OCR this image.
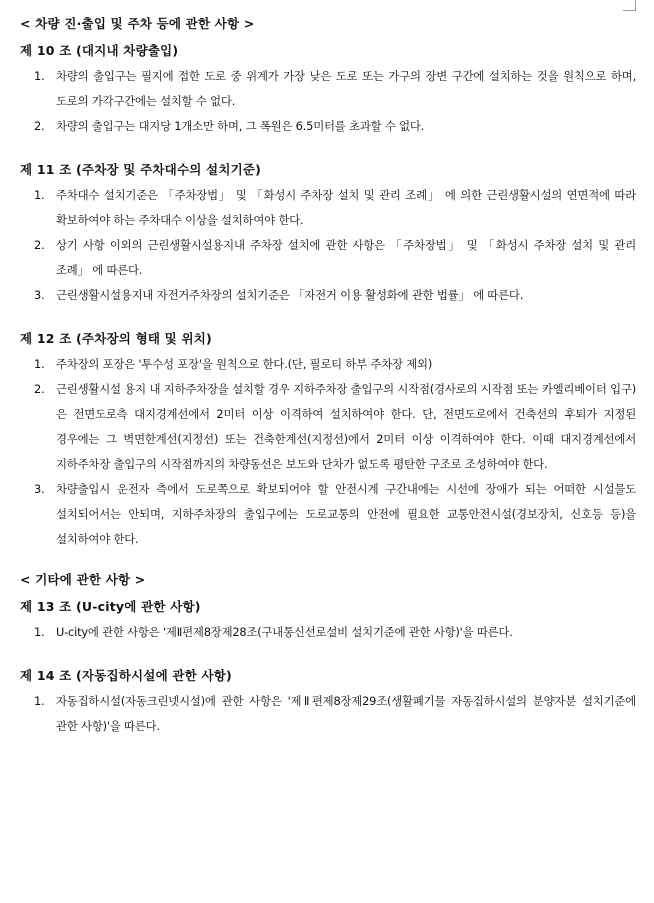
< 차량 진·출입 및 주차 등에 관한 사항 >
제 10 조 (대지내 차량출입)
1. 차량의 출입구는 필지에 접한 도로 중 위계가 가장 낮은 도로 또는 가구의 장변 구간에 설치하는 것을 원칙으로 하며, 도로의 가각구간에는 설치할 수 없다.
2. 차량의 출입구는 대지당 1개소만 하며, 그 폭원은 6.5미터를 초과할 수 없다.
제 11 조 (주차장 및 주차대수의 설치기준)
1. 주차대수 설치기준은 「주차장법」 및 「화성시 주차장 설치 및 관리 조례」 에 의한 근린생활시설의 연면적에 따라 확보하여야 하는 주차대수 이상을 설치하여야 한다.
2. 상기 사항 이외의 근린생활시설용지내 주차장 설치에 관한 사항은 「주차장법」 및 「화성시 주차장 설치 및 관리 조례」 에 따른다.
3. 근린생활시설용지내 자전거주차장의 설치기준은 「자전거 이용 활성화에 관한 법률」 에 따른다.
제 12 조 (주차장의 형태 및 위치)
1. 주차장의 포장은 '투수성 포장'을 원칙으로 한다.(단, 필로티 하부 주차장 제외)
2. 근린생활시설 용지 내 지하주차장을 설치할 경우 지하주차장 출입구의 시작점(경사로의 시작점 또는 카엘리베이터 입구)은 전면도로측 대지경계선에서 2미터 이상 이격하여 설치하여야 한다. 단, 전면도로에서 건축선의 후퇴가 지정된 경우에는 그 벽면한계선(지정선) 또는 건축한계선(지정선)에서 2미터 이상 이격하여야 한다. 이때 대지경계선에서 지하주차장 출입구의 시작점까지의 차량동선은 보도와 단차가 없도록 평탄한 구조로 조성하여야 한다.
3. 차량출입시 운전자 측에서 도로쪽으로 확보되어야 할 안전시계 구간내에는 시선에 장애가 되는 어떠한 시설물도 설치되어서는 안되며, 지하주차장의 출입구에는 도로교통의 안전에 필요한 교통안전시설(경보장치, 신호등 등)을 설치하여야 한다.
< 기타에 관한 사항 >
제 13 조 (U-city에 관한 사항)
1. U-city에 관한 사항은 '제Ⅱ편제8장제28조(구내통신선로설비 설치기준에 관한 사항)'을 따른다.
제 14 조 (자동집하시설에 관한 사항)
1. 자동집하시설(자동크린넷시설)에 관한 사항은 '제Ⅱ편제8장제29조(생활폐기물 자동집하시설의 분양자분 설치기준에 관한 사항)'을 따른다.
